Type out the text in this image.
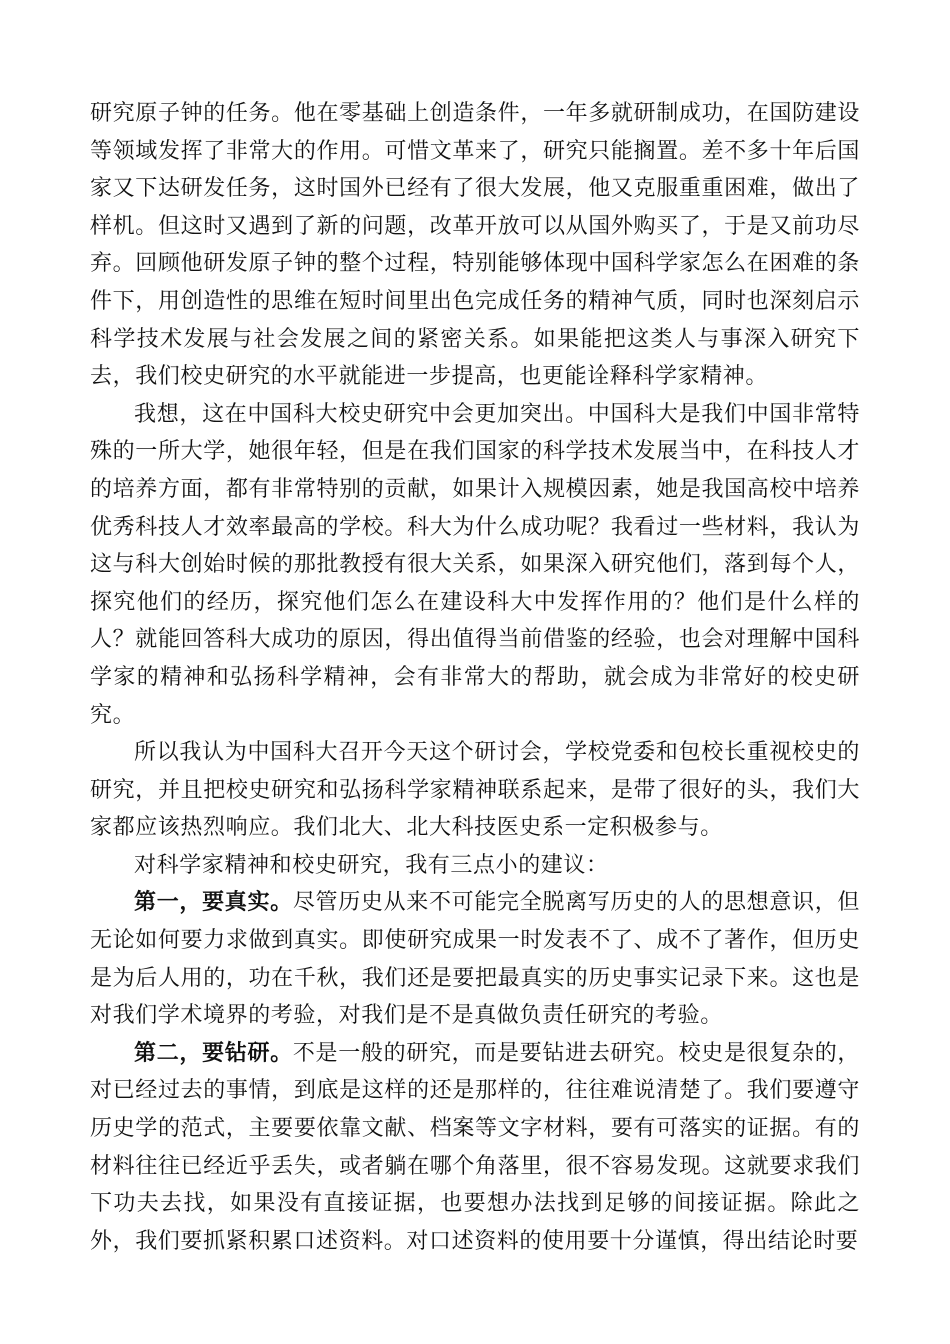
研究原子钟的任务。他在零基础上创造条件，一年多就研制成功，在国防建设等领域发挥了非常大的作用。可惜文革来了，研究只能搁置。差不多十年后国家又下达研发任务，这时国外已经有了很大发展，他又克服重重困难，做出了样机。但这时又遇到了新的问题，改革开放可以从国外购买了，于是又前功尽弃。回顾他研发原子钟的整个过程，特别能够体现中国科学家怎么在困难的条件下，用创造性的思维在短时间里出色完成任务的精神气质，同时也深刻启示科学技术发展与社会发展之间的紧密关系。如果能把这类人与事深入研究下去，我们校史研究的水平就能进一步提高，也更能诠释科学家精神。

我想，这在中国科大校史研究中会更加突出。中国科大是我们中国非常特殊的一所大学，她很年轻，但是在我们国家的科学技术发展当中，在科技人才的培养方面，都有非常特别的贡献，如果计入规模因素，她是我国高校中培养优秀科技人才效率最高的学校。科大为什么成功呢？我看过一些材料，我认为这与科大创始时候的那批教授有很大关系，如果深入研究他们，落到每个人，探究他们的经历，探究他们怎么在建设科大中发挥作用的？他们是什么样的人？就能回答科大成功的原因，得出值得当前借鉴的经验，也会对理解中国科学家的精神和弘扬科学精神，会有非常大的帮助，就会成为非常好的校史研究。

所以我认为中国科大召开今天这个研讨会，学校党委和包校长重视校史的研究，并且把校史研究和弘扬科学家精神联系起来，是带了很好的头，我们大家都应该热烈响应。我们北大、北大科技医史系一定积极参与。

对科学家精神和校史研究，我有三点小的建议：

第一，要真实。尽管历史从来不可能完全脱离写历史的人的思想意识，但无论如何要力求做到真实。即使研究成果一时发表不了、成不了著作，但历史是为后人用的，功在千秋，我们还是要把最真实的历史事实记录下来。这也是对我们学术境界的考验，对我们是不是真做负责任研究的考验。

第二，要钻研。不是一般的研究，而是要钻进去研究。校史是很复杂的，对已经过去的事情，到底是这样的还是那样的，往往难说清楚了。我们要遵守历史学的范式，主要要依靠文献、档案等文字材料，要有可落实的证据。有的材料往往已经近乎丢失，或者躺在哪个角落里，很不容易发现。这就要求我们下功夫去找，如果没有直接证据，也要想办法找到足够的间接证据。除此之外，我们要抓紧积累口述资料。对口述资料的使用要十分谨慎，得出结论时要
